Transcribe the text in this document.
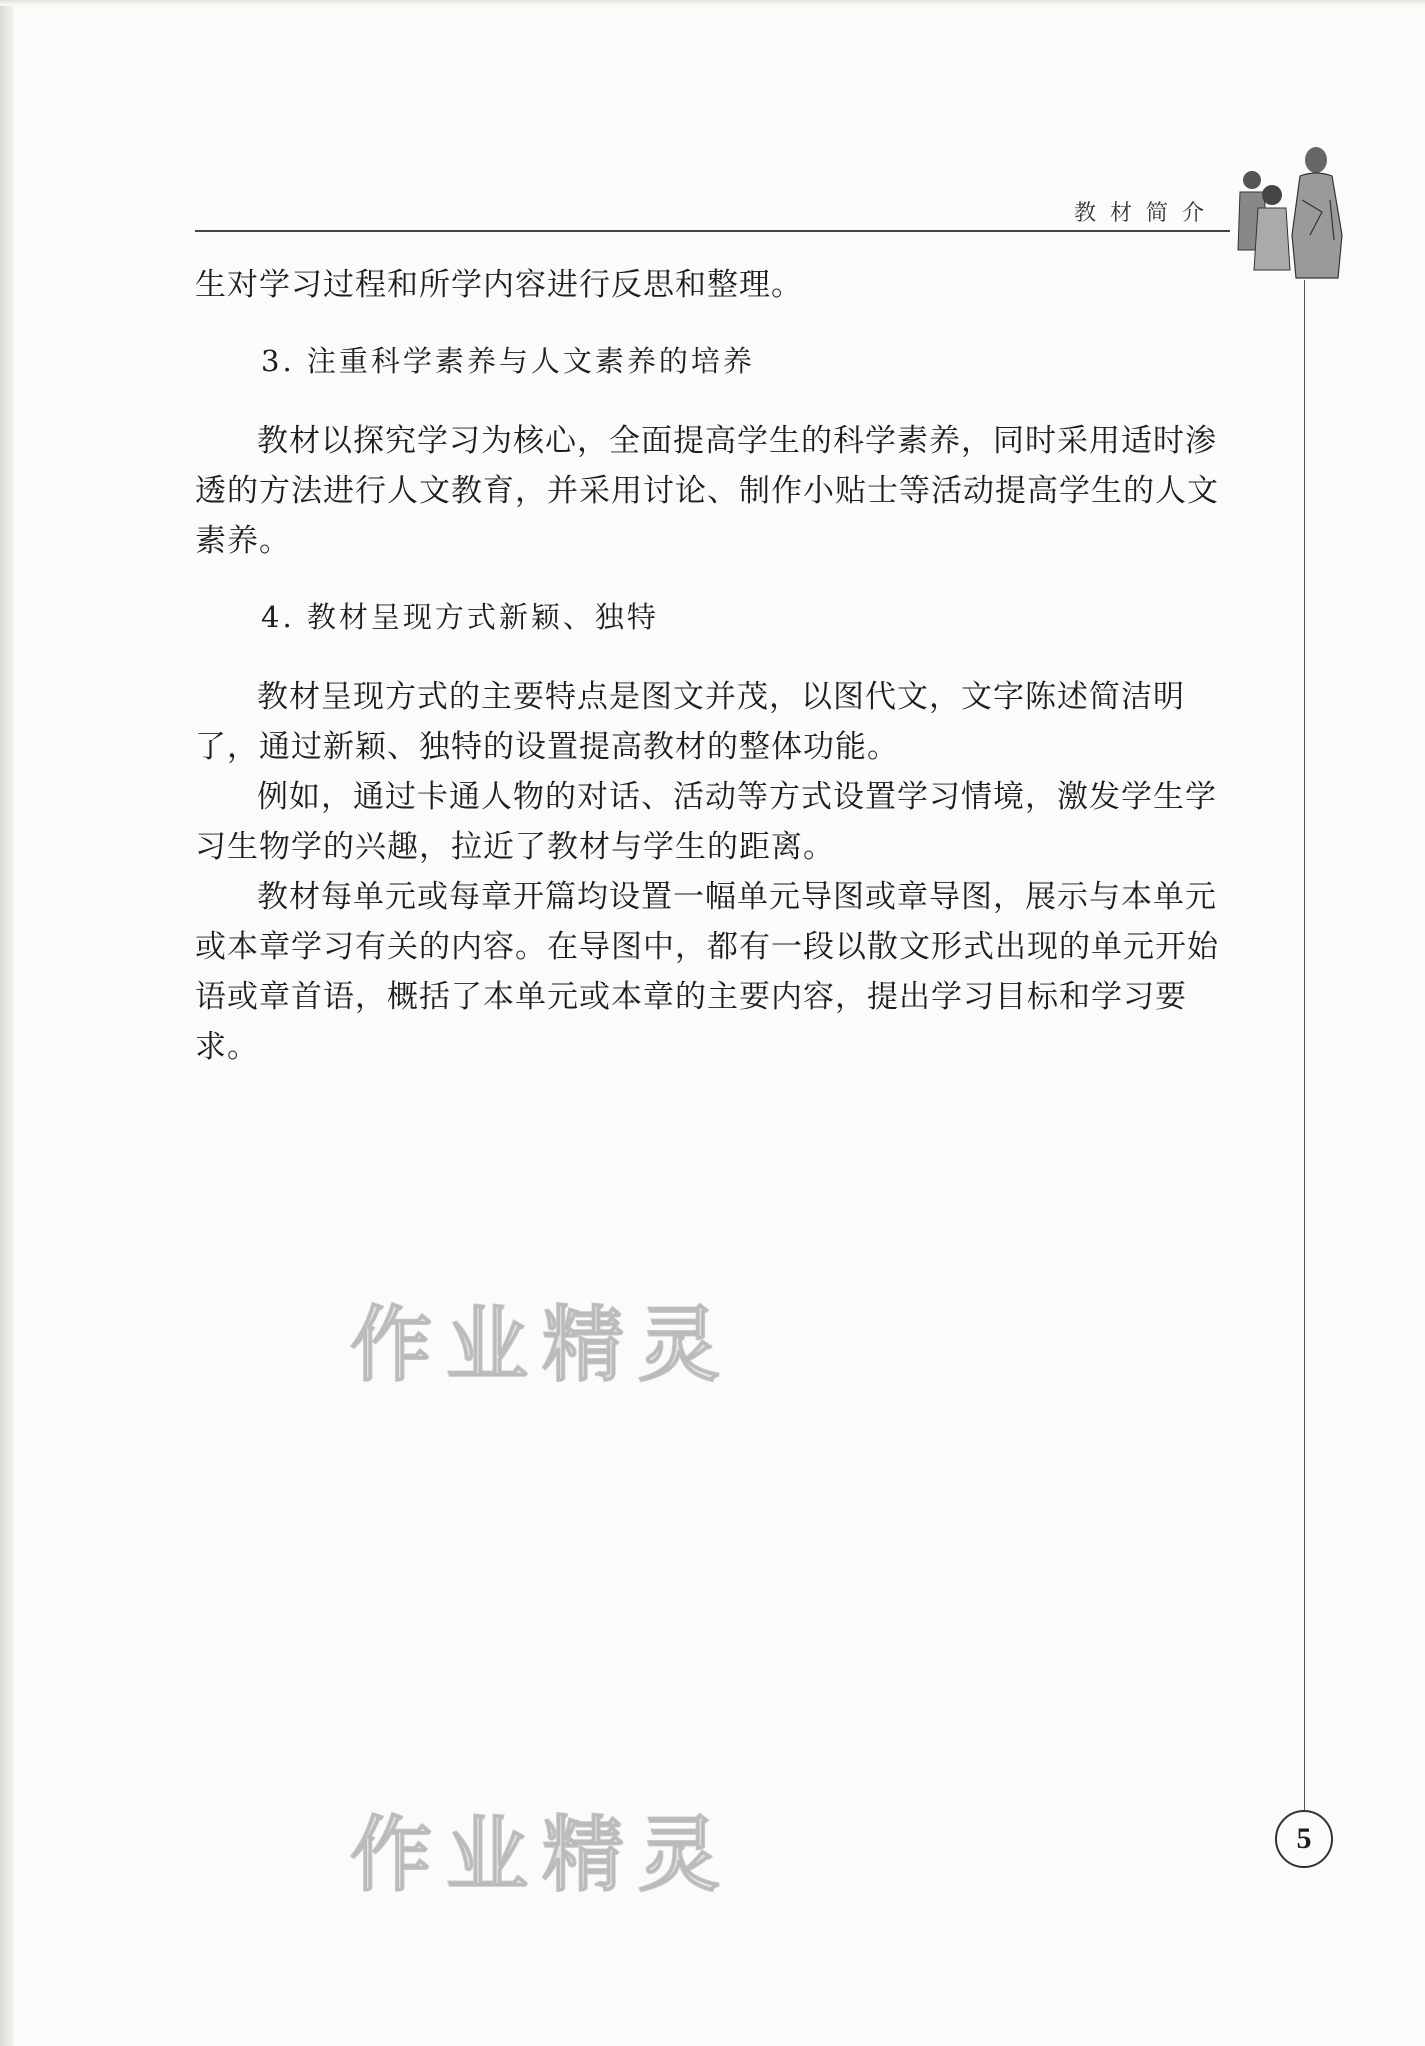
教材简介

生对学习过程和所学内容进行反思和整理。

3. 注重科学素养与人文素养的培养

教材以探究学习为核心，全面提高学生的科学素养，同时采用适时渗透的方法进行人文教育，并采用讨论、制作小贴士等活动提高学生的人文素养。

4. 教材呈现方式新颖、独特

教材呈现方式的主要特点是图文并茂，以图代文，文字陈述简洁明了，通过新颖、独特的设置提高教材的整体功能。

例如，通过卡通人物的对话、活动等方式设置学习情境，激发学生学习生物学的兴趣，拉近了教材与学生的距离。

教材每单元或每章开篇均设置一幅单元导图或章导图，展示与本单元或本章学习有关的内容。在导图中，都有一段以散文形式出现的单元开始语或章首语，概括了本单元或本章的主要内容，提出学习目标和学习要求。

作业精灵
作业精灵	5
